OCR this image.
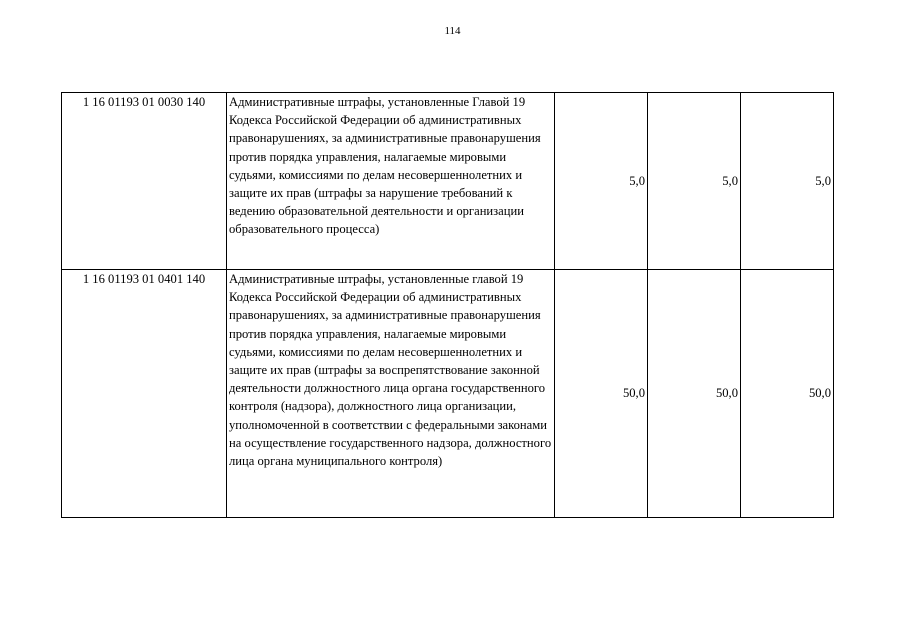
114
1 16 01193 01 0030 140	Административные штрафы, установленные Главой 19 Кодекса Российской Федерации об административных правонарушениях, за административные правонарушения против порядка управления, налагаемые мировыми судьями, комиссиями по делам несовершеннолетних и защите их прав (штрафы за нарушение требований к ведению образовательной деятельности и организации образовательного процесса)	5,0	5,0	5,0
1 16 01193 01 0401 140	Административные штрафы, установленные главой 19 Кодекса Российской Федерации об административных правонарушениях, за административные правонарушения против порядка управления, налагаемые мировыми судьями, комиссиями по делам несовершеннолетних и защите их прав (штрафы за воспрепятствование законной деятельности должностного лица органа государственного контроля (надзора), должностного лица организации, уполномоченной в соответствии с федеральными законами на осуществление государственного надзора, должностного лица органа муниципального контроля)	50,0	50,0	50,0
